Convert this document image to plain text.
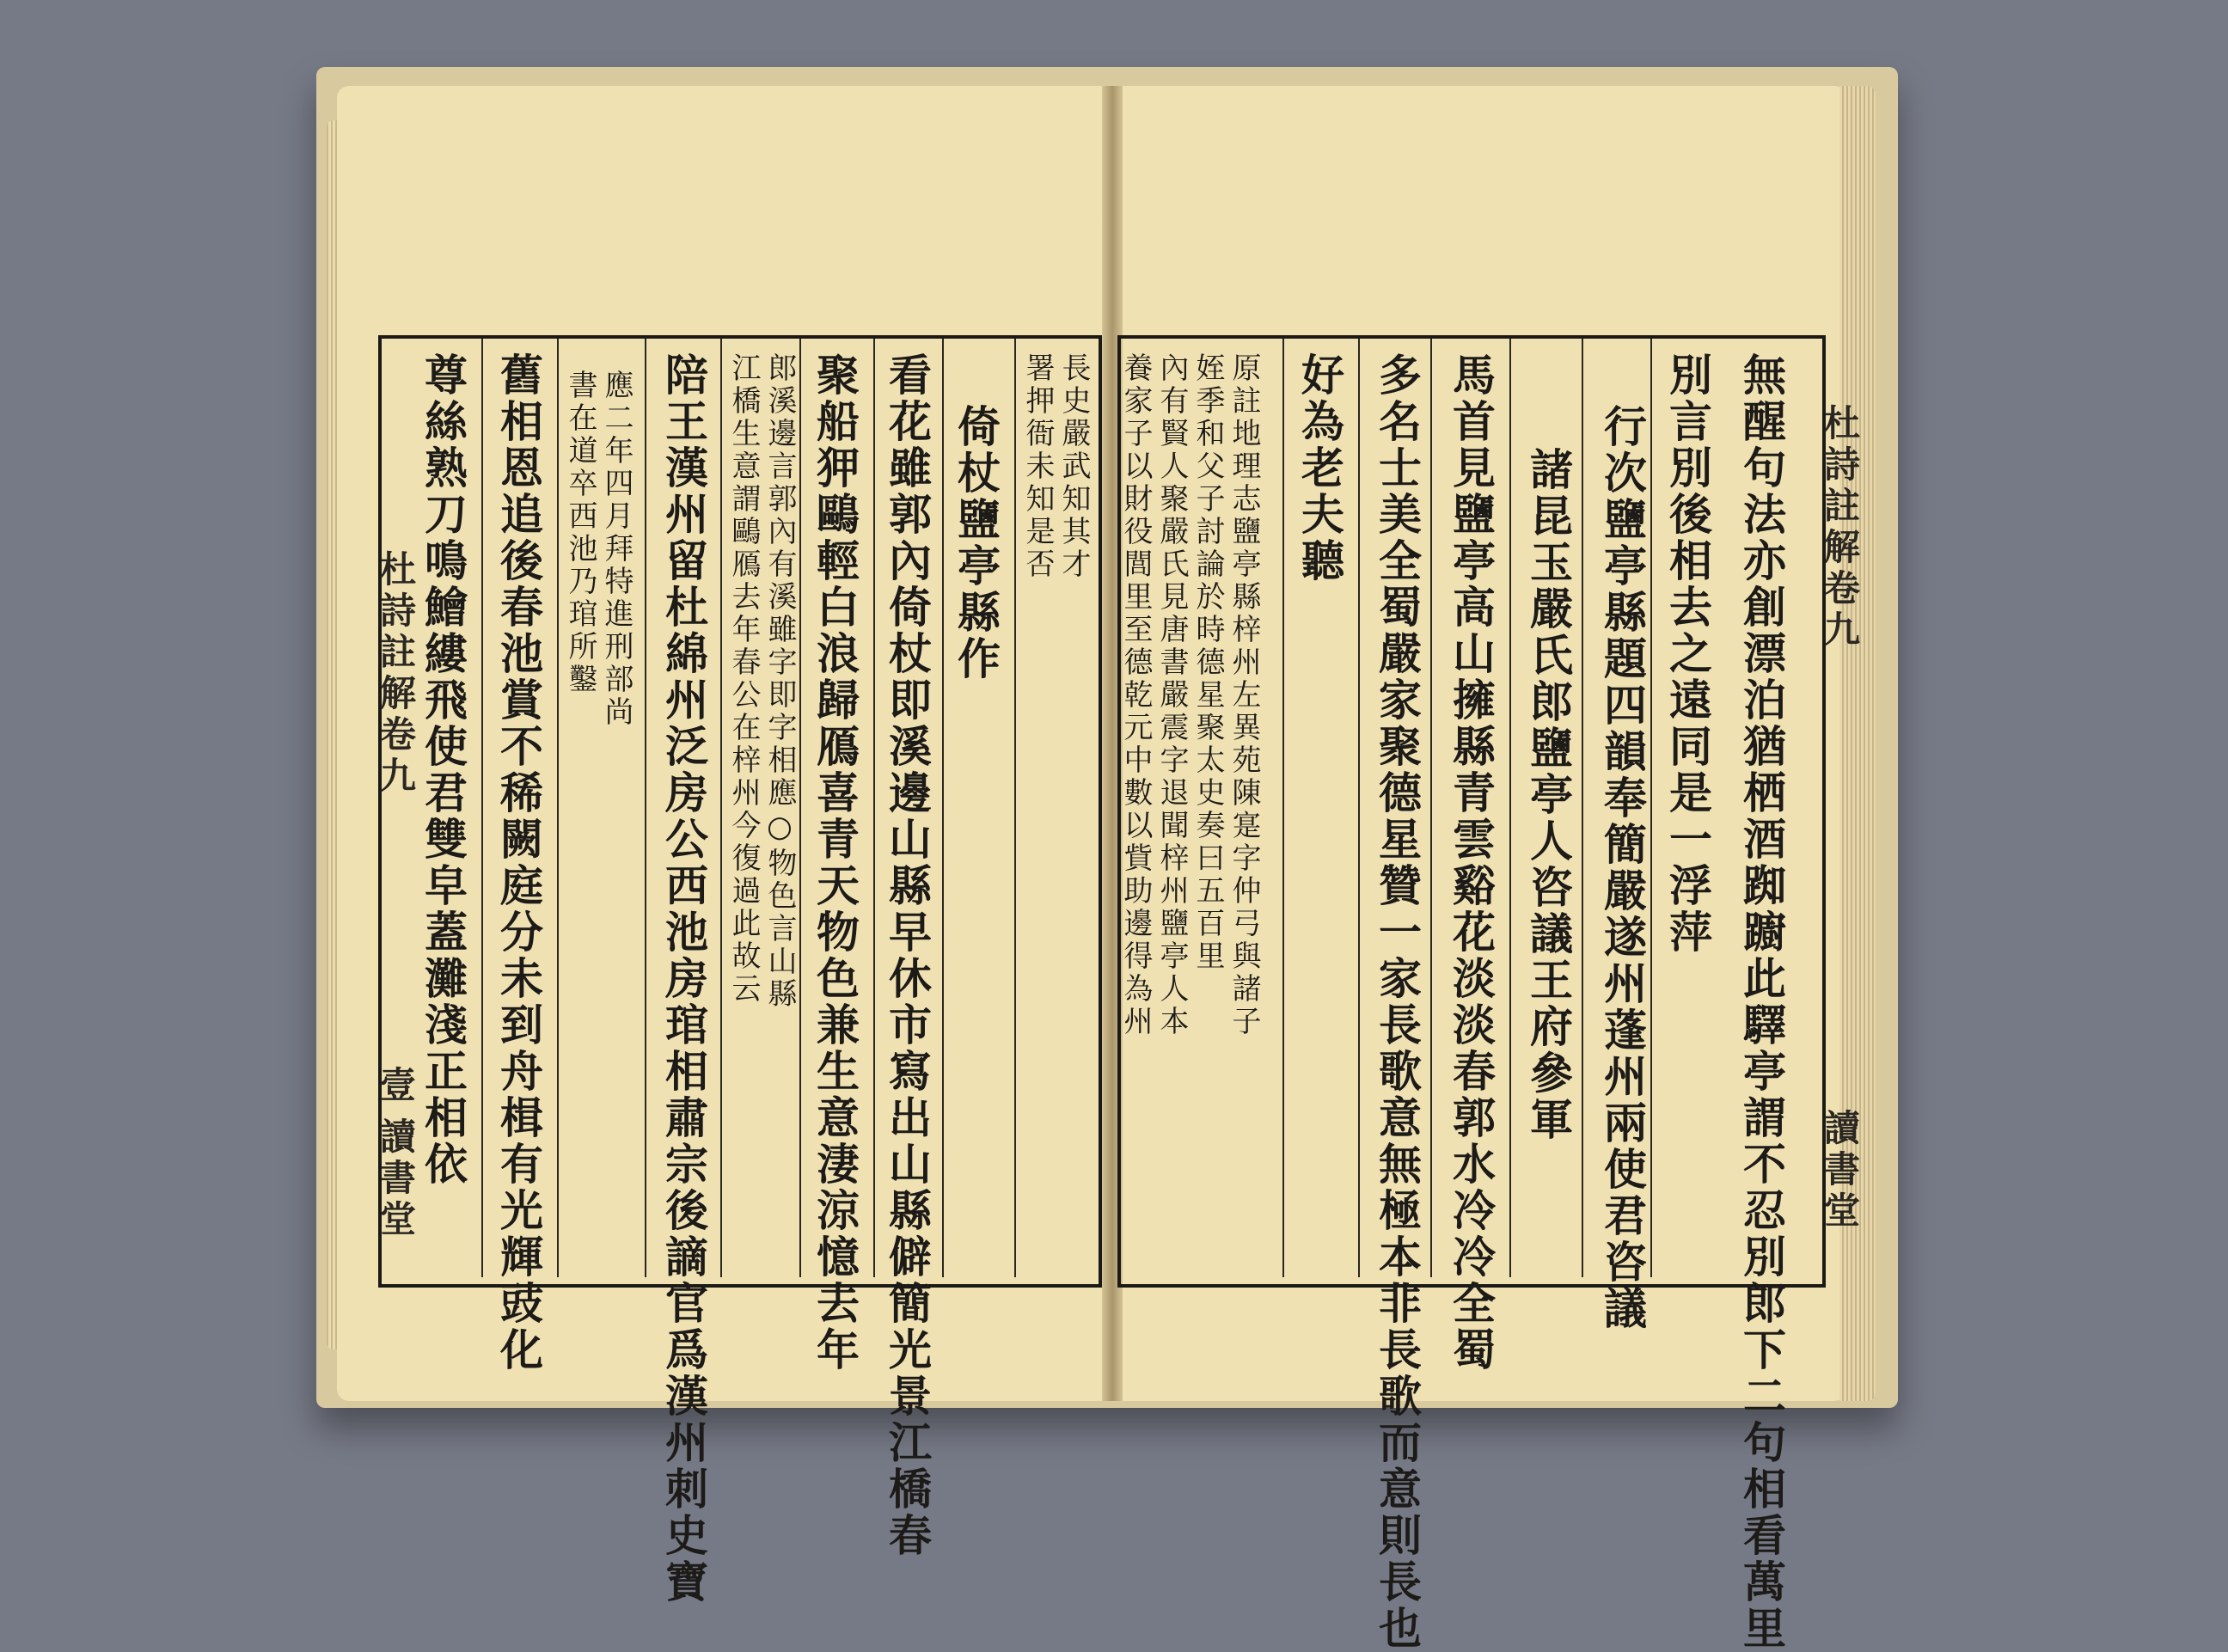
杜詩註解卷九
壹
讀書堂
杜詩註解卷九
讀書堂
無醒句法亦創漂泊猶栖酒踟躕此驛亭謂不忍別郎下二句相看萬里
別言別後相去之遠同是一浮萍
行次鹽亭縣題四韻奉簡嚴遂州蓬州兩使君咨議
諸昆玉嚴氏郎鹽亭人咨議王府參軍
馬首見鹽亭高山擁縣青雲谿花淡淡春郭水冷冷全蜀
多名士美全蜀嚴家聚德星贊一家長歌意無極本非長歌而意則長也
好為老夫聽
原註地理志鹽亭縣梓州左異苑陳寔字仲弓與諸子
姪季和父子討論於時德星聚太史奏曰五百里
內有賢人聚嚴氏見唐書嚴震字退聞梓州鹽亭人本
養家子以財役閭里至德乾元中數以貲助邊得為州
長史嚴武知其才
署押衙未知是否
倚杖鹽亭縣作
看花雖郭內倚杖即溪邊山縣早休市寫出山縣僻簡光景江橋春
聚船狎鷗輕白浪歸鴈喜青天物色兼生意淒涼憶去年
郎溪邊言郭內有溪雖字即字相應○物色言山縣
江橋生意謂鷗鴈去年春公在梓州今復過此故云
陪王漢州留杜綿州泛房公西池房琯相肅宗後謫官爲漢州刺史寶
應二年四月拜特進刑部尚
書在道卒西池乃琯所鑿
舊相恩追後春池賞不稀闕庭分未到舟楫有光輝豉化
尊絲熟刀鳴鱠縷飛使君雙皁蓋灘淺正相依
